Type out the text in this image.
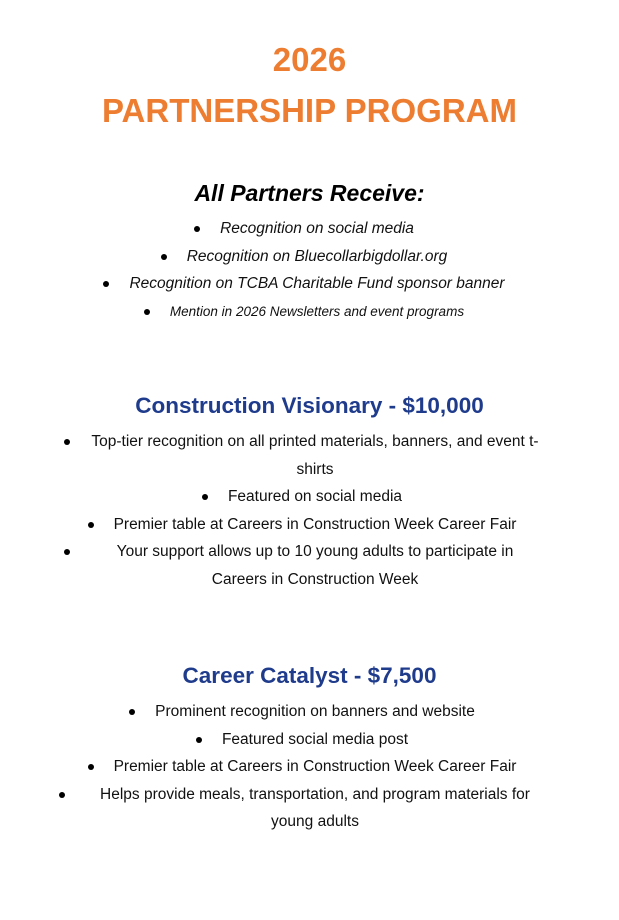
2026
PARTNERSHIP PROGRAM
All Partners Receive:
Recognition on social media
Recognition on Bluecollarbigdollar.org
Recognition on TCBA Charitable Fund sponsor banner
Mention in 2026 Newsletters and event programs
Construction Visionary - $10,000
Top-tier recognition on all printed materials, banners, and event t-shirts
Featured on social media
Premier table at Careers in Construction Week Career Fair
Your support allows up to 10 young adults to participate in Careers in Construction Week
Career Catalyst - $7,500
Prominent recognition on banners and website
Featured social media post
Premier table at Careers in Construction Week Career Fair
Helps provide meals, transportation, and program materials for young adults
